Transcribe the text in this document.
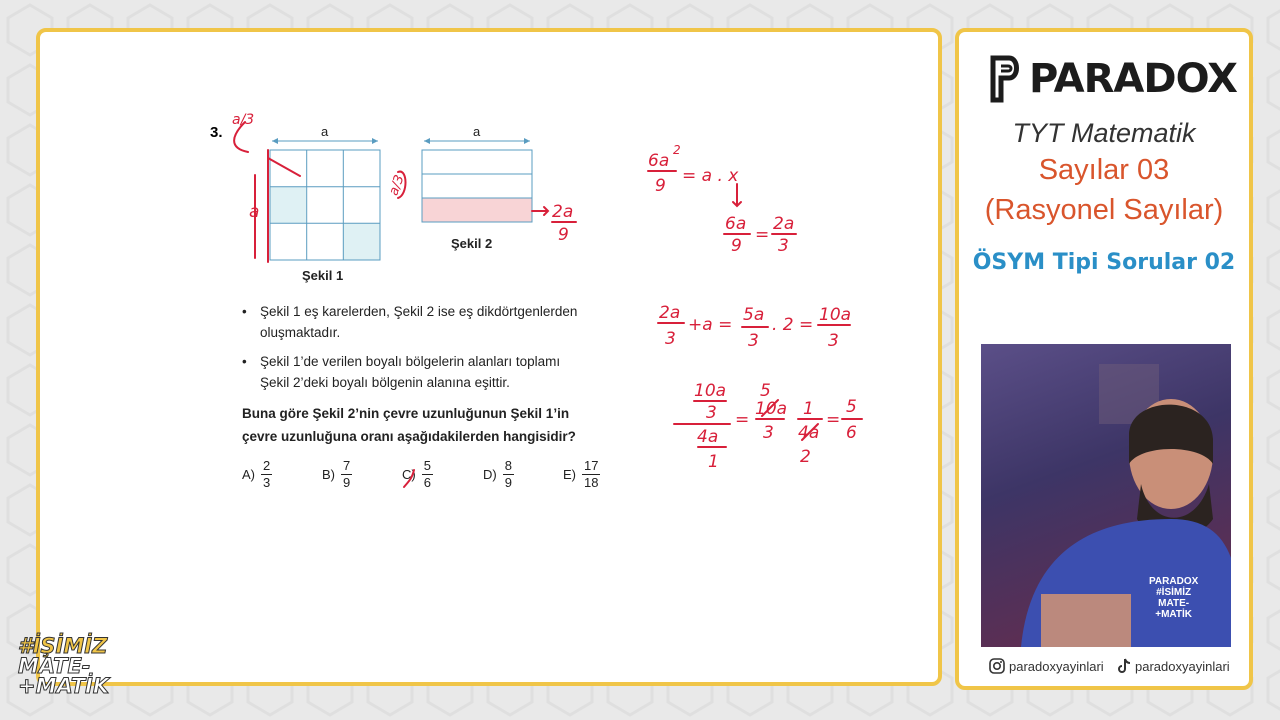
3.	a	a
Şekil 1
Şekil 2
• Şekil 1 eş karelerden, Şekil 2 ise eş dikdörtgenlerden
oluşmaktadır.
• Şekil 1’de verilen boyalı bölgelerin alanları toplamı
Şekil 2’deki boyalı bölgenin alanına eşittir.
Buna göre Şekil 2’nin çevre uzunluğunun Şekil 1’in
çevre uzunluğuna oranı aşağıdakilerden hangisidir?
$A) \frac{2}{3}$	$B) \frac{7}{9}$	$C) \frac{5}{6}$	$D) \frac{8}{9}$	$E) \frac{17}{18}$
6a
2
9 = a . x
6a
9
=
2a
3
2a
3
+a = 5a
3
. 2 = 10a
3
10a
3
4a
1
=
5
10a
3
1
4a
2
=
5
6
a
a/3
a/3
2a
9
PARADOX
TYT Matematik
Sayılar 03
(Rasyonel Sayılar)
ÖSYM Tipi Sorular 02
PARADOX
#İSİMİZ
MATE-
+MATİK
paradoxyayinlari paradoxyayinlari
#İŞİMİZ
MATE-
+MATİK
